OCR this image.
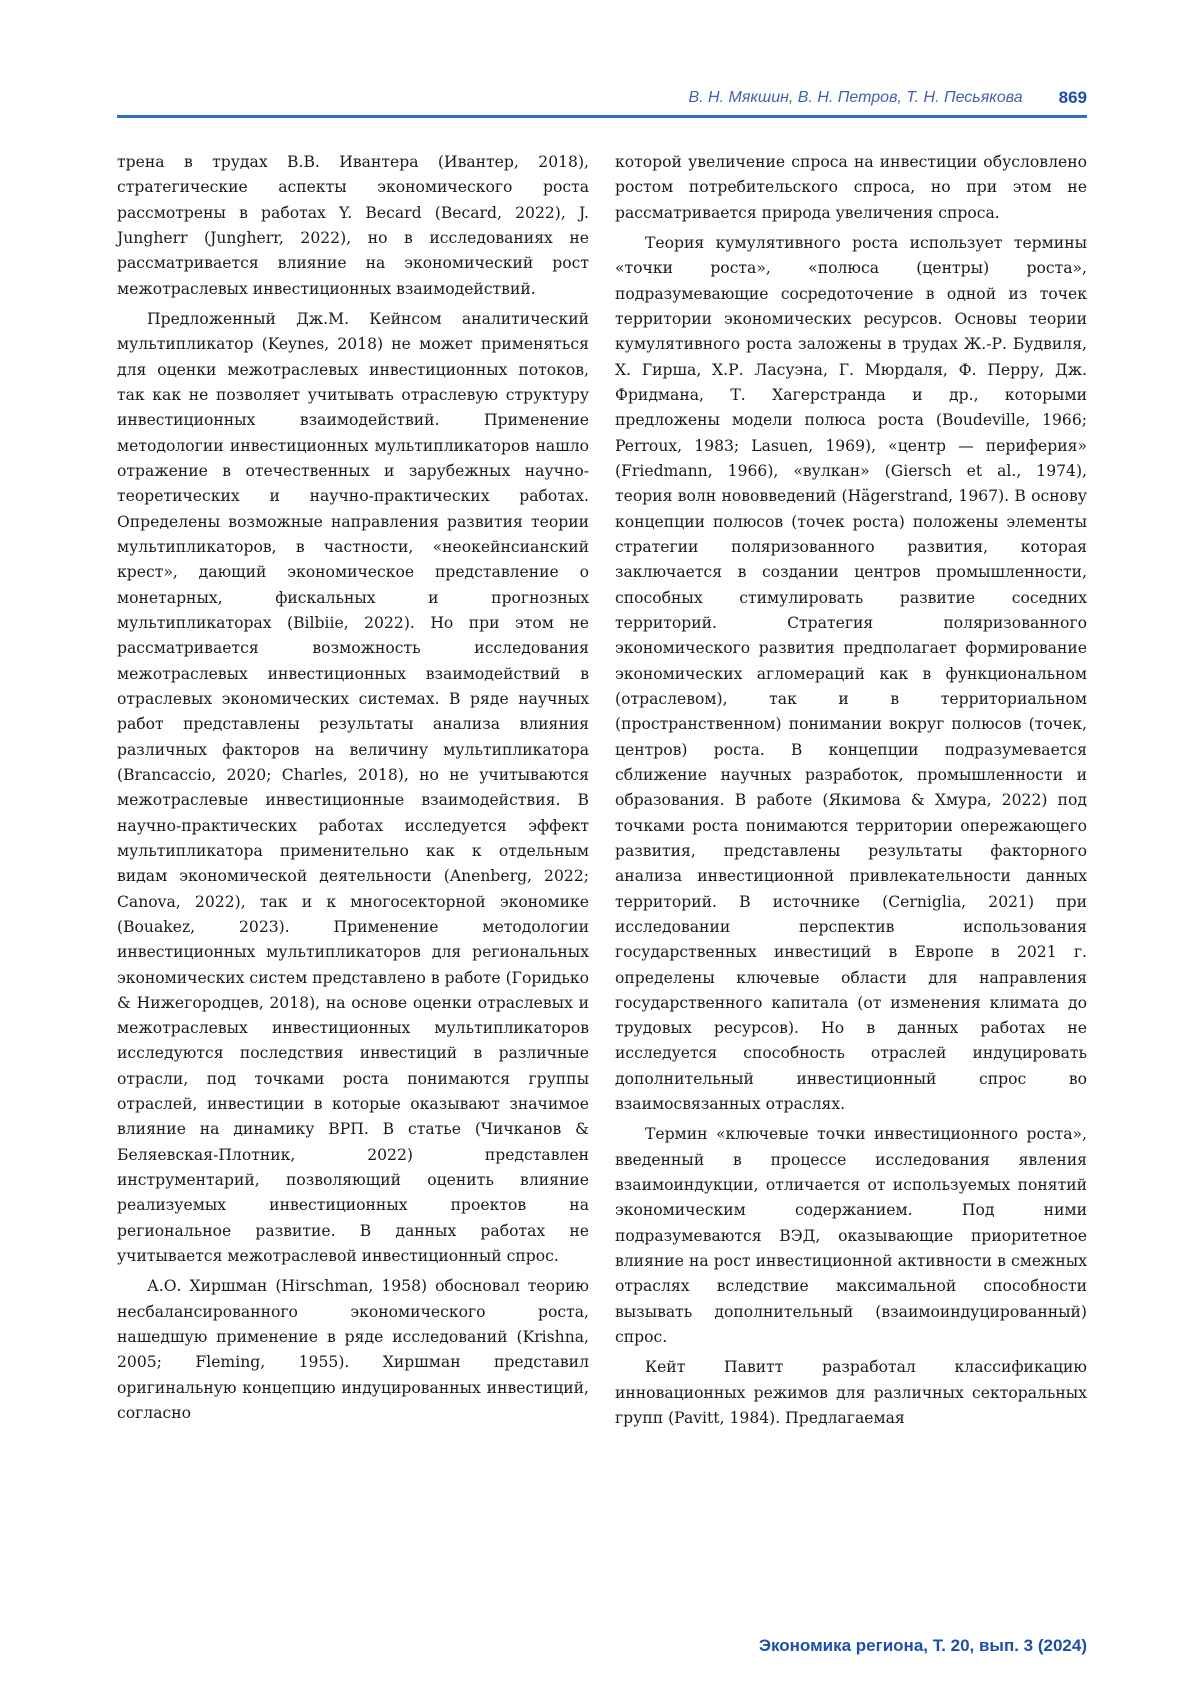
В. Н. Мякшин, В. Н. Петров, Т. Н. Песьякова 869

трена в трудах В.В. Ивантера (Ивантер, 2018), стратегические аспекты экономического роста рассмотрены в работах Y. Becard (Becard, 2022), J. Jungherr (Jungherr, 2022), но в исследованиях не рассматривается влияние на экономический рост межотраслевых инвестиционных взаимодействий.

Предложенный Дж.М. Кейнсом аналитический мультипликатор (Keynes, 2018) не может применяться для оценки межотраслевых инвестиционных потоков, так как не позволяет учитывать отраслевую структуру инвестиционных взаимодействий. Применение методологии инвестиционных мультипликаторов нашло отражение в отечественных и зарубежных научно-теоретических и научно-практических работах. Определены возможные направления развития теории мультипликаторов, в частности, «неокейнсианский крест», дающий экономическое представление о монетарных, фискальных и прогнозных мультипликаторах (Bilbiie, 2022). Но при этом не рассматривается возможность исследования межотраслевых инвестиционных взаимодействий в отраслевых экономических системах. В ряде научных работ представлены результаты анализа влияния различных факторов на величину мультипликатора (Brancaccio, 2020; Charles, 2018), но не учитываются межотраслевые инвестиционные взаимодействия. В научно-практических работах исследуется эффект мультипликатора применительно как к отдельным видам экономической деятельности (Anenberg, 2022; Canova, 2022), так и к многосекторной экономике (Bouakez, 2023). Применение методологии инвестиционных мультипликаторов для региональных экономических систем представлено в работе (Горидько & Нижегородцев, 2018), на основе оценки отраслевых и межотраслевых инвестиционных мультипликаторов исследуются последствия инвестиций в различные отрасли, под точками роста понимаются группы отраслей, инвестиции в которые оказывают значимое влияние на динамику ВРП. В статье (Чичканов & Беляевская-Плотник, 2022) представлен инструментарий, позволяющий оценить влияние реализуемых инвестиционных проектов на региональное развитие. В данных работах не учитывается межотраслевой инвестиционный спрос.

А.О. Хиршман (Hirschman, 1958) обосновал теорию несбалансированного экономического роста, нашедшую применение в ряде исследований (Krishna, 2005; Fleming, 1955). Хиршман представил оригинальную концепцию индуцированных инвестиций, согласно

которой увеличение спроса на инвестиции обусловлено ростом потребительского спроса, но при этом не рассматривается природа увеличения спроса.

Теория кумулятивного роста использует термины «точки роста», «полюса (центры) роста», подразумевающие сосредоточение в одной из точек территории экономических ресурсов. Основы теории кумулятивного роста заложены в трудах Ж.-Р. Будвиля, Х. Гирша, Х.Р. Ласуэна, Г. Мюрдаля, Ф. Перру, Дж. Фридмана, Т. Хагерстранда и др., которыми предложены модели полюса роста (Boudeville, 1966; Perroux, 1983; Lasuen, 1969), «центр — периферия» (Friedmann, 1966), «вулкан» (Giersch et al., 1974), теория волн нововведений (Hägerstrand, 1967). В основу концепции полюсов (точек роста) положены элементы стратегии поляризованного развития, которая заключается в создании центров промышленности, способных стимулировать развитие соседних территорий. Стратегия поляризованного экономического развития предполагает формирование экономических агломераций как в функциональном (отраслевом), так и в территориальном (пространственном) понимании вокруг полюсов (точек, центров) роста. В концепции подразумевается сближение научных разработок, промышленности и образования. В работе (Якимова & Хмура, 2022) под точками роста понимаются территории опережающего развития, представлены результаты факторного анализа инвестиционной привлекательности данных территорий. В источнике (Cerniglia, 2021) при исследовании перспектив использования государственных инвестиций в Европе в 2021 г. определены ключевые области для направления государственного капитала (от изменения климата до трудовых ресурсов). Но в данных работах не исследуется способность отраслей индуцировать дополнительный инвестиционный спрос во взаимосвязанных отраслях.

Термин «ключевые точки инвестиционного роста», введенный в процессе исследования явления взаимоиндукции, отличается от используемых понятий экономическим содержанием. Под ними подразумеваются ВЭД, оказывающие приоритетное влияние на рост инвестиционной активности в смежных отраслях вследствие максимальной способности вызывать дополнительный (взаимоиндуцированный) спрос.

Кейт Павитт разработал классификацию инновационных режимов для различных секторальных групп (Pavitt, 1984). Предлагаемая

Экономика региона, Т. 20, вып. 3 (2024)
